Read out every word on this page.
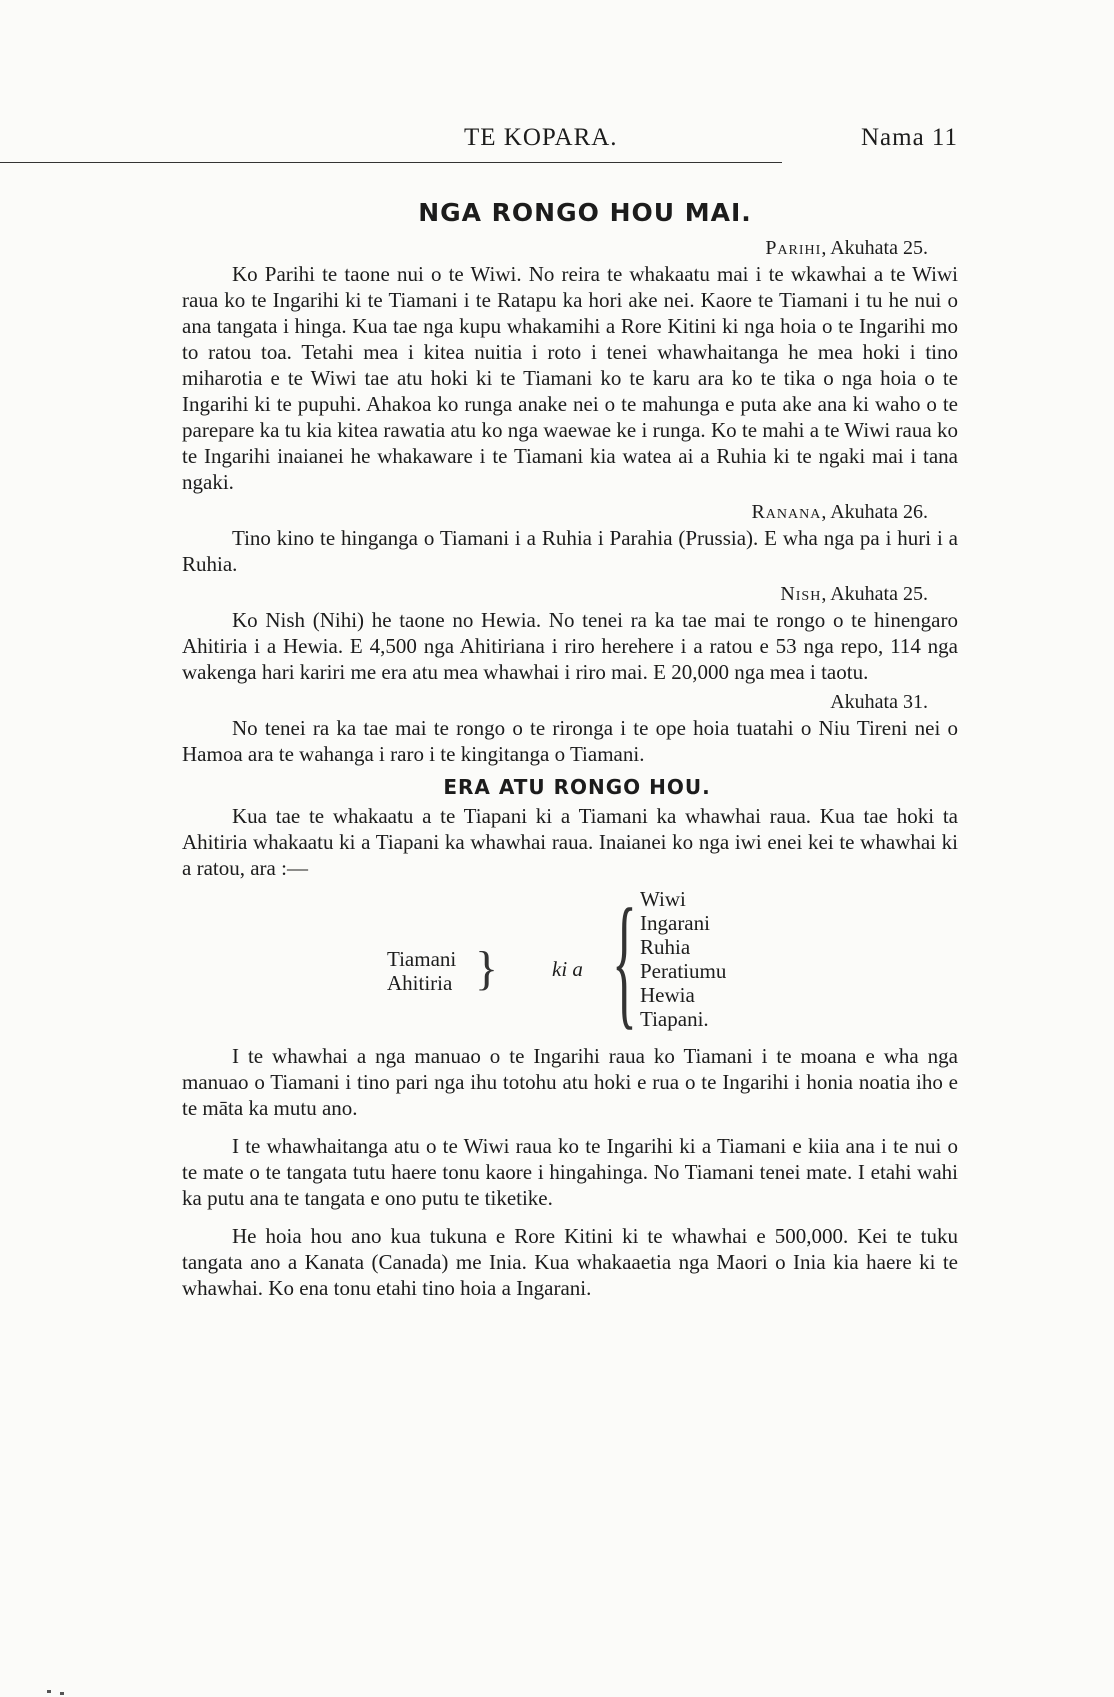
TE KOPARA.	Nama 11
NGA RONGO HOU MAI.
Parihi, Akuhata 25.

Ko Parihi te taone nui o te Wiwi. No reira te whakaatu mai i te wkawhai a te Wiwi raua ko te Ingarihi ki te Tiamani i te Ratapu ka hori ake nei. Kaore te Tiamani i tu he nui o ana tangata i hinga. Kua tae nga kupu whakamihi a Rore Kitini ki nga hoia o te Ingarihi mo to ratou toa. Tetahi mea i kitea nuitia i roto i tenei whawhaitanga he mea hoki i tino miharotia e te Wiwi tae atu hoki ki te Tiamani ko te karu ara ko te tika o nga hoia o te Ingarihi ki te pupuhi. Ahakoa ko runga anake nei o te mahunga e puta ake ana ki waho o te parepare ka tu kia kitea rawatia atu ko nga waewae ke i runga. Ko te mahi a te Wiwi raua ko te Ingarihi inaianei he whakaware i te Tiamani kia watea ai a Ruhia ki te ngaki mai i tana ngaki.

Ranana, Akuhata 26.

Tino kino te hinganga o Tiamani i a Ruhia i Parahia (Prussia). E wha nga pa i huri i a Ruhia.

Nish, Akuhata 25.

Ko Nish (Nihi) he taone no Hewia. No tenei ra ka tae mai te rongo o te hinengaro Ahitiria i a Hewia. E 4,500 nga Ahitiriana i riro herehere i a ratou e 53 nga repo, 114 nga wakenga hari kariri me era atu mea whawhai i riro mai. E 20,000 nga mea i taotu.

Akuhata 31.

No tenei ra ka tae mai te rongo o te rironga i te ope hoia tuatahi o Niu Tireni nei o Hamoa ara te wahanga i raro i te kingitanga o Tiamani.

ERA ATU RONGO HOU.

Kua tae te whakaatu a te Tiapani ki a Tiamani ka whawhai raua. Kua tae hoki ta Ahitiria whakaatu ki a Tiapani ka whawhai raua. Inaianei ko nga iwi enei kei te whawhai ki a ratou, ara :—

Tiamani
Ahitiria }	ki a { Wiwi
Ingarani
Ruhia
Peratiumu
Hewia
Tiapani.

I te whawhai a nga manuao o te Ingarihi raua ko Tiamani i te moana e wha nga manuao o Tiamani i tino pari nga ihu totohu atu hoki e rua o te Ingarihi i honia noatia iho e te māta ka mutu ano.

I te whawhaitanga atu o te Wiwi raua ko te Ingarihi ki a Tiamani e kiia ana i te nui o te mate o te tangata tutu haere tonu kaore i hingahinga. No Tiamani tenei mate. I etahi wahi ka putu ana te tangata e ono putu te tiketike.

He hoia hou ano kua tukuna e Rore Kitini ki te whawhai e 500,000. Kei te tuku tangata ano a Kanata (Canada) me Inia. Kua whakaaetia nga Maori o Inia kia haere ki te whawhai. Ko ena tonu etahi tino hoia a Ingarani.
